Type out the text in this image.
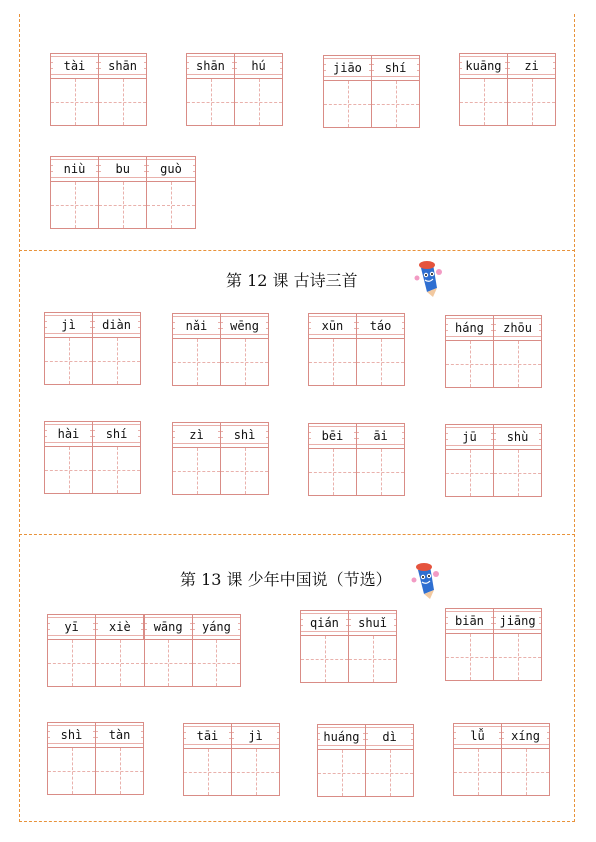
第 12 课 古诗三首
第 13 课 少年中国说（节选）
tài	shān	shān	hú	jiāo	shí	kuāng	zi
niù	bu	guò
jì	diàn	nǎi	wēng	xūn	táo	háng	zhōu
hài	shí	zì	shì	bēi	āi	jū	shù
yī	xiè	wāng	yáng	qián	shuǐ	biān	jiāng
shì	tàn	tāi	jì	huáng	dì	lǚ	xíng
